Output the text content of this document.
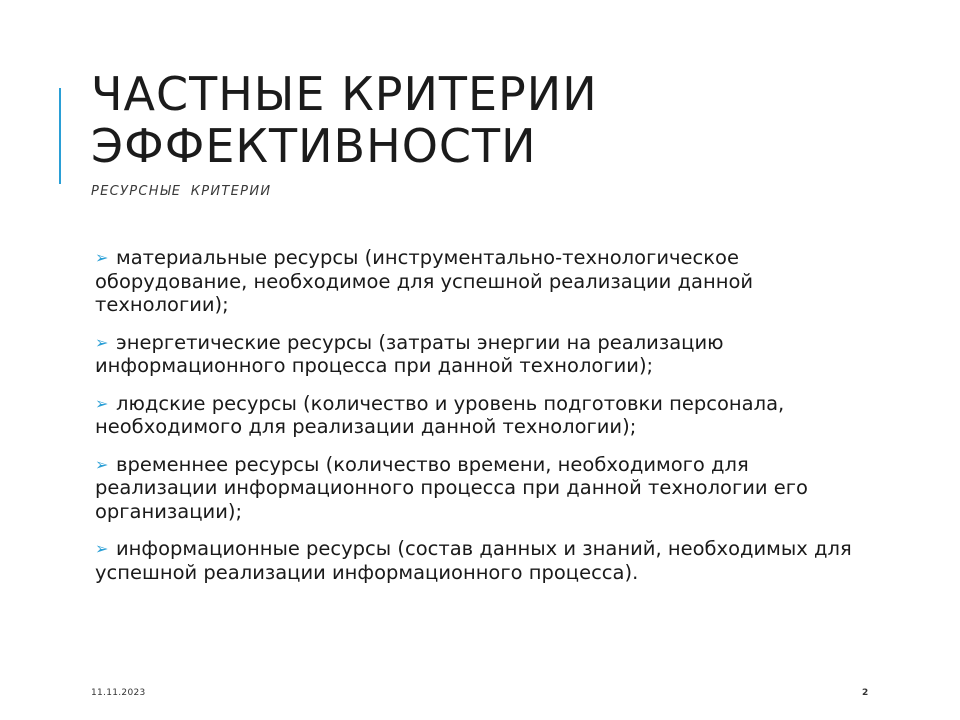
ЧАСТНЫЕ КРИТЕРИИ ЭФФЕКТИВНОСТИ
РЕСУРСНЫЕ КРИТЕРИИ
➢ материальные ресурсы (инструментально-технологическое оборудование, необходимое для успешной реализации данной технологии);
➢ энергетические ресурсы (затраты энергии на реализацию информационного процесса при данной технологии);
➢ людские ресурсы (количество и уровень подготовки персонала, необходимого для реализации данной технологии);
➢ временнее ресурсы (количество времени, необходимого для реализации информационного процесса при данной технологии его организации);
➢ информационные ресурсы (состав данных и знаний, необходимых для успешной реализации информационного процесса).
11.11.2023	2
